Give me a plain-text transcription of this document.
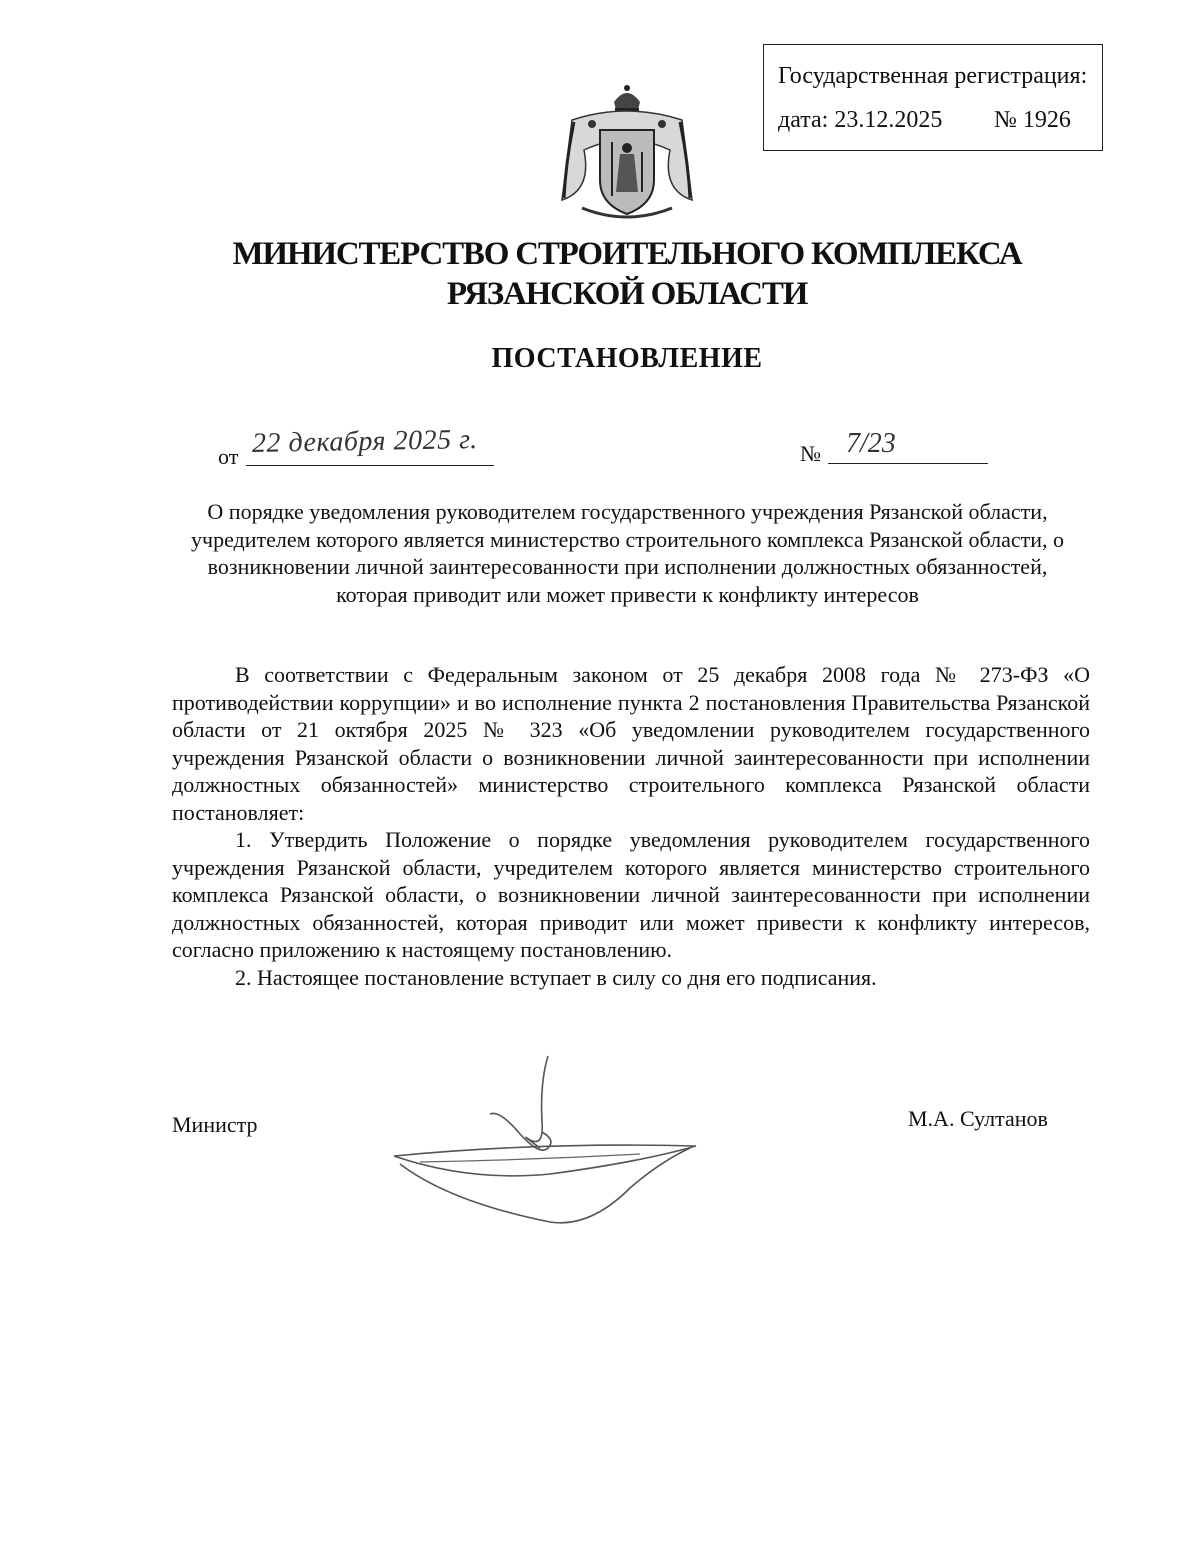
Государственная регистрация:
дата: 23.12.2025 № 1926
МИНИСТЕРСТВО СТРОИТЕЛЬНОГО КОМПЛЕКСА
РЯЗАНСКОЙ ОБЛАСТИ
ПОСТАНОВЛЕНИЕ
от 22 декабря 2025 г.	№ 7/23
О порядке уведомления руководителем государственного учреждения Рязанской области, учредителем которого является министерство строительного комплекса Рязанской области, о возникновении личной заинтересованности при исполнении должностных обязанностей, которая приводит или может привести к конфликту интересов

В соответствии с Федеральным законом от 25 декабря 2008 года № 273-ФЗ «О противодействии коррупции» и во исполнение пункта 2 постановления Правительства Рязанской области от 21 октября 2025 № 323 «Об уведомлении руководителем государственного учреждения Рязанской области о возникновении личной заинтересованности при исполнении должностных обязанностей» министерство строительного комплекса Рязанской области постановляет:

1. Утвердить Положение о порядке уведомления руководителем государственного учреждения Рязанской области, учредителем которого является министерство строительного комплекса Рязанской области, о возникновении личной заинтересованности при исполнении должностных обязанностей, которая приводит или может привести к конфликту интересов, согласно приложению к настоящему постановлению.

2. Настоящее постановление вступает в силу со дня его подписания.

Министр	М.А. Султанов
